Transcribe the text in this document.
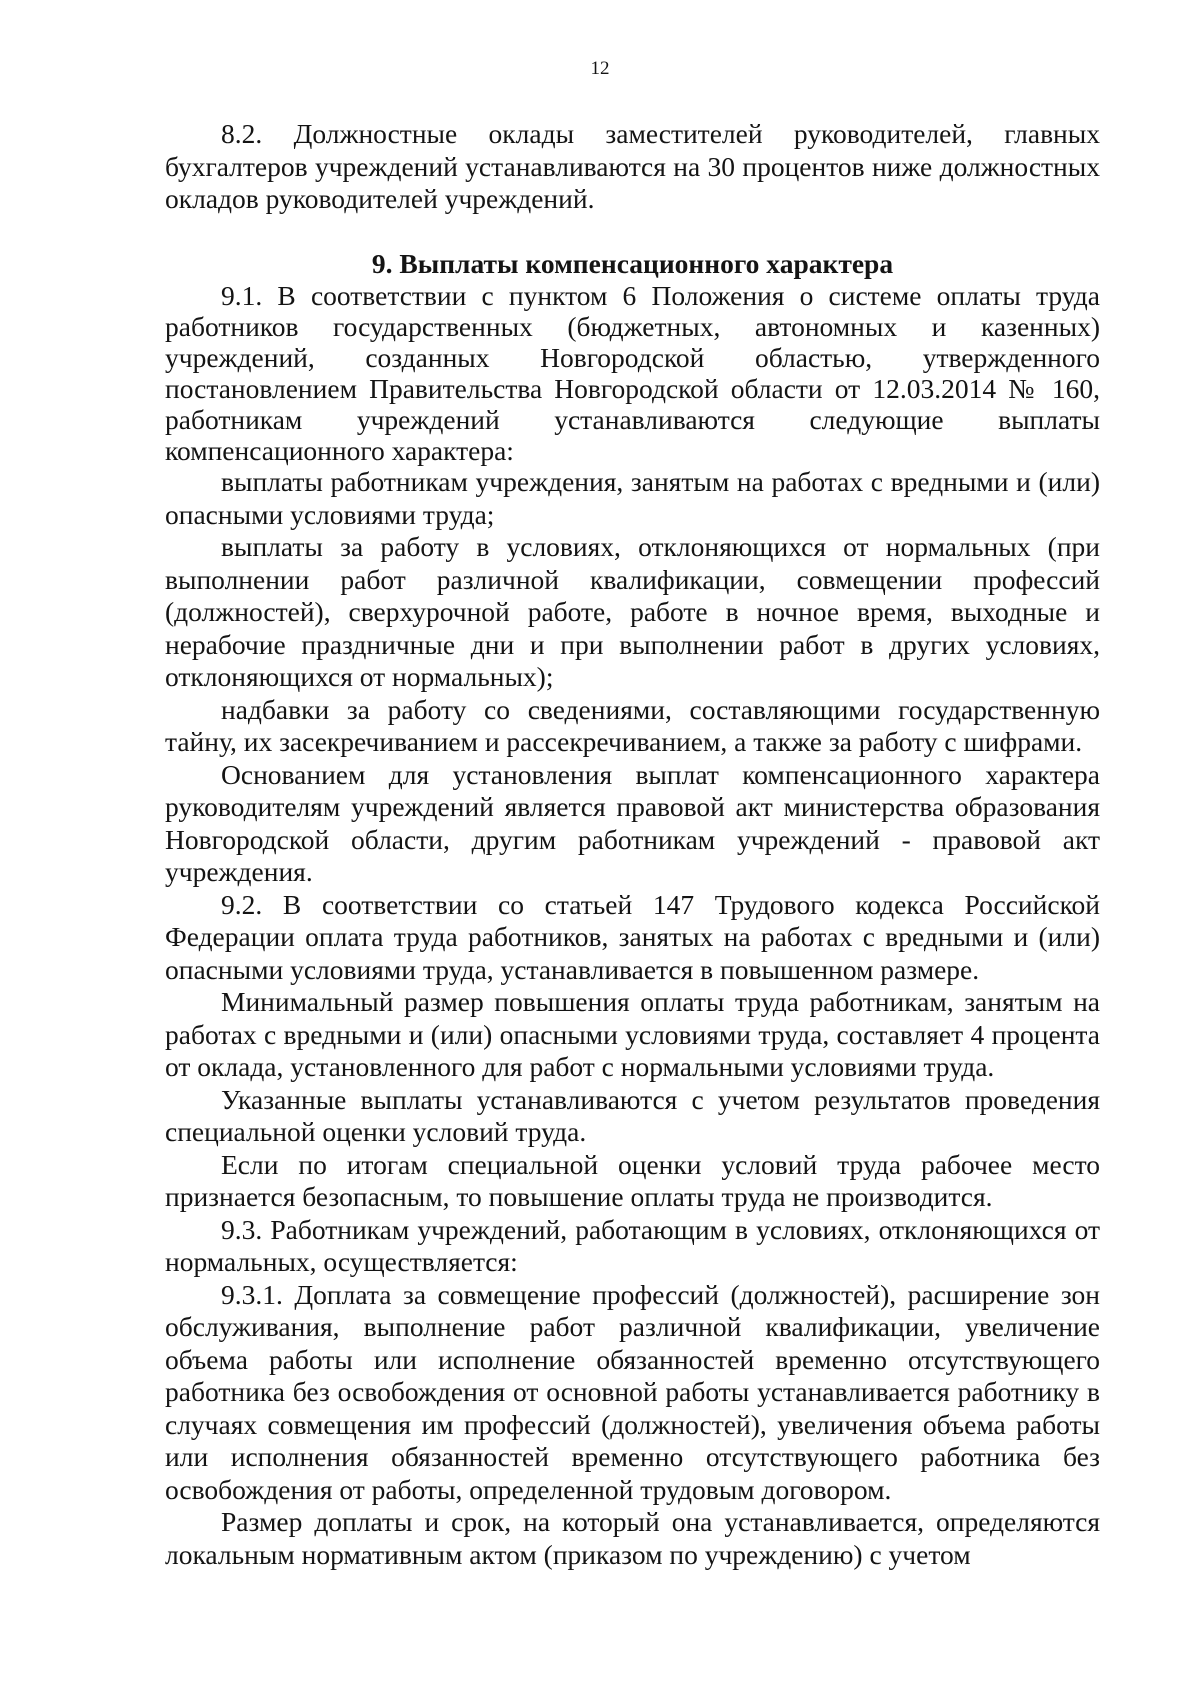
12

8.2. Должностные оклады заместителей руководителей, главных бухгалтеров учреждений устанавливаются на 30 процентов ниже должностных окладов руководителей учреждений.

9. Выплаты компенсационного характера

9.1. В соответствии с пунктом 6 Положения о системе оплаты труда работников государственных (бюджетных, автономных и казенных) учреждений, созданных Новгородской областью, утвержденного постановлением Правительства Новгородской области от 12.03.2014 № 160, работникам учреждений устанавливаются следующие выплаты компенсационного характера:

выплаты работникам учреждения, занятым на работах с вредными и (или) опасными условиями труда;

выплаты за работу в условиях, отклоняющихся от нормальных (при выполнении работ различной квалификации, совмещении профессий (должностей), сверхурочной работе, работе в ночное время, выходные и нерабочие праздничные дни и при выполнении работ в других условиях, отклоняющихся от нормальных);

надбавки за работу со сведениями, составляющими государственную тайну, их засекречиванием и рассекречиванием, а также за работу с шифрами.

Основанием для установления выплат компенсационного характера руководителям учреждений является правовой акт министерства образования Новгородской области, другим работникам учреждений - правовой акт учреждения.

9.2. В соответствии со статьей 147 Трудового кодекса Российской Федерации оплата труда работников, занятых на работах с вредными и (или) опасными условиями труда, устанавливается в повышенном размере.

Минимальный размер повышения оплаты труда работникам, занятым на работах с вредными и (или) опасными условиями труда, составляет 4 процента от оклада, установленного для работ с нормальными условиями труда.

Указанные выплаты устанавливаются с учетом результатов проведения специальной оценки условий труда.

Если по итогам специальной оценки условий труда рабочее место признается безопасным, то повышение оплаты труда не производится.

9.3. Работникам учреждений, работающим в условиях, отклоняющихся от нормальных, осуществляется:

9.3.1. Доплата за совмещение профессий (должностей), расширение зон обслуживания, выполнение работ различной квалификации, увеличение объема работы или исполнение обязанностей временно отсутствующего работника без освобождения от основной работы устанавливается работнику в случаях совмещения им профессий (должностей), увеличения объема работы или исполнения обязанностей временно отсутствующего работника без освобождения от работы, определенной трудовым договором.

Размер доплаты и срок, на который она устанавливается, определяются локальным нормативным актом (приказом по учреждению) с учетом
